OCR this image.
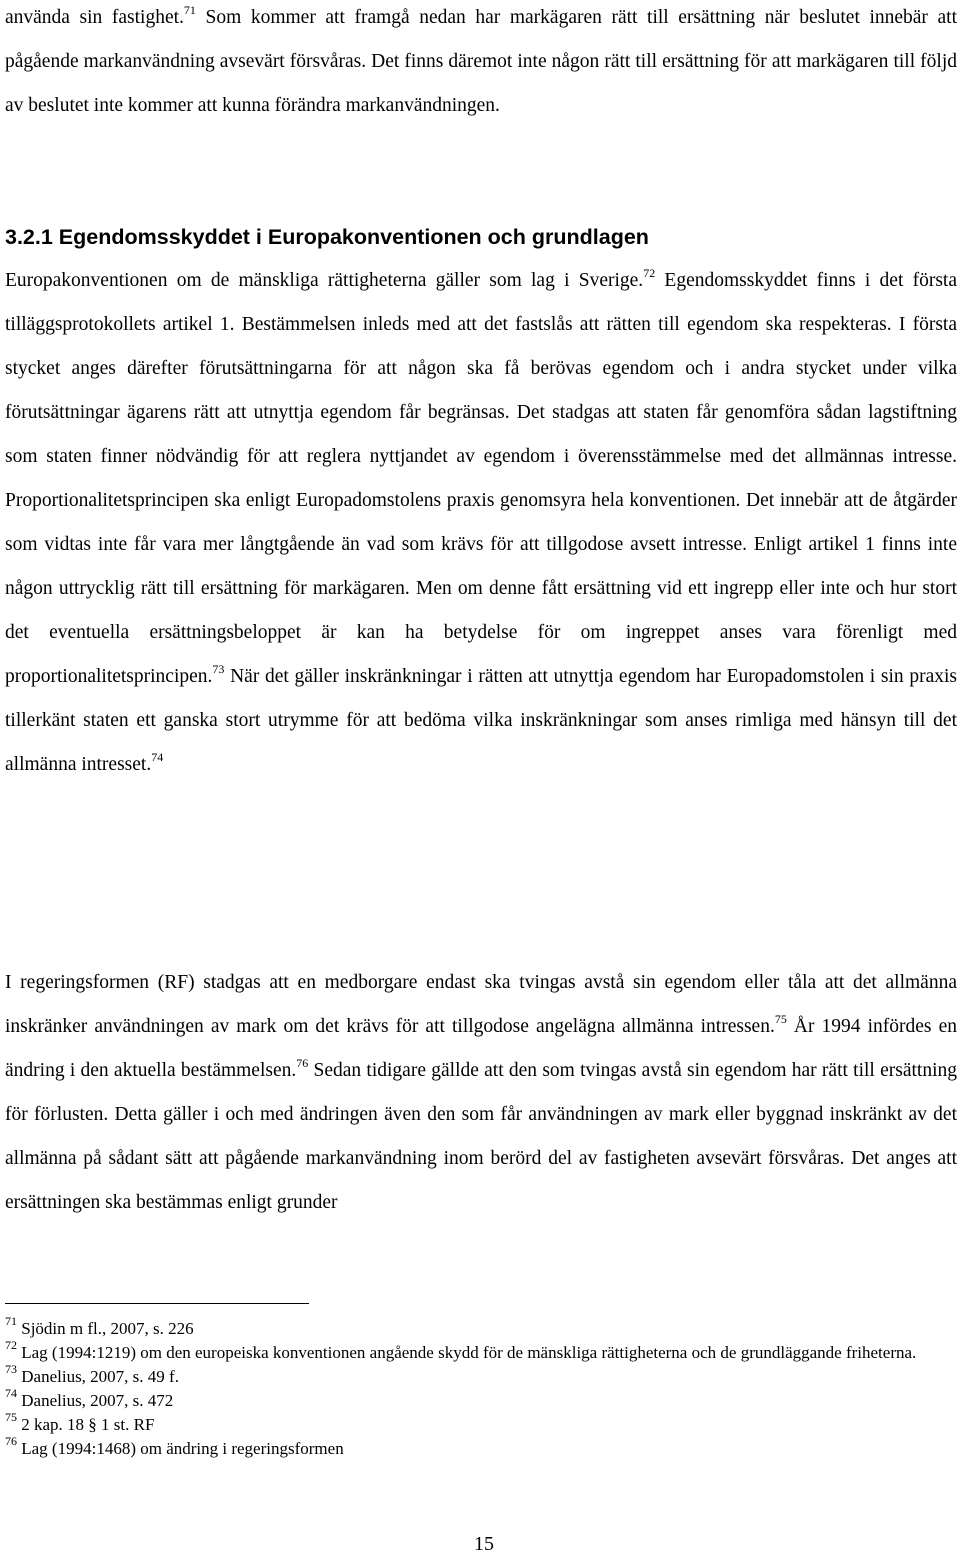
använda sin fastighet.$^{71}$ Som kommer att framgå nedan har markägaren rätt till ersättning när beslutet innebär att pågående markanvändning avsevärt försvåras. Det finns däremot inte någon rätt till ersättning för att markägaren till följd av beslutet inte kommer att kunna förändra markanvändningen.

3.2.1 Egendomsskyddet i Europakonventionen och grundlagen

Europakonventionen om de mänskliga rättigheterna gäller som lag i Sverige.$^{72}$ Egendomsskyddet finns i det första tilläggsprotokollets artikel 1. Bestämmelsen inleds med att det fastslås att rätten till egendom ska respekteras. I första stycket anges därefter förutsättningarna för att någon ska få berövas egendom och i andra stycket under vilka förutsättningar ägarens rätt att utnyttja egendom får begränsas. Det stadgas att staten får genomföra sådan lagstiftning som staten finner nödvändig för att reglera nyttjandet av egendom i överensstämmelse med det allmännas intresse. Proportionalitetsprincipen ska enligt Europadomstolens praxis genomsyra hela konventionen. Det innebär att de åtgärder som vidtas inte får vara mer långtgående än vad som krävs för att tillgodose avsett intresse. Enligt artikel 1 finns inte någon uttrycklig rätt till ersättning för markägaren. Men om denne fått ersättning vid ett ingrepp eller inte och hur stort det eventuella ersättningsbeloppet är kan ha betydelse för om ingreppet anses vara förenligt med proportionalitetsprincipen.$^{73}$ När det gäller inskränkningar i rätten att utnyttja egendom har Europadomstolen i sin praxis tillerkänt staten ett ganska stort utrymme för att bedöma vilka inskränkningar som anses rimliga med hänsyn till det allmänna intresset.$^{74}$

I regeringsformen (RF) stadgas att en medborgare endast ska tvingas avstå sin egendom eller tåla att det allmänna inskränker användningen av mark om det krävs för att tillgodose angelägna allmänna intressen.$^{75}$ År 1994 infördes en ändring i den aktuella bestämmelsen.$^{76}$ Sedan tidigare gällde att den som tvingas avstå sin egendom har rätt till ersättning för förlusten. Detta gäller i och med ändringen även den som får användningen av mark eller byggnad inskränkt av det allmänna på sådant sätt att pågående markanvändning inom berörd del av fastigheten avsevärt försvåras. Det anges att ersättningen ska bestämmas enligt grunder

$^{71}$ Sjödin m fl., 2007, s. 226

$^{72}$ Lag (1994:1219) om den europeiska konventionen angående skydd för de mänskliga rättigheterna och de grundläggande friheterna.

$^{73}$ Danelius, 2007, s. 49 f.

$^{74}$ Danelius, 2007, s. 472

$^{75}$ 2 kap. 18 § 1 st. RF

$^{76}$ Lag (1994:1468) om ändring i regeringsformen

15
